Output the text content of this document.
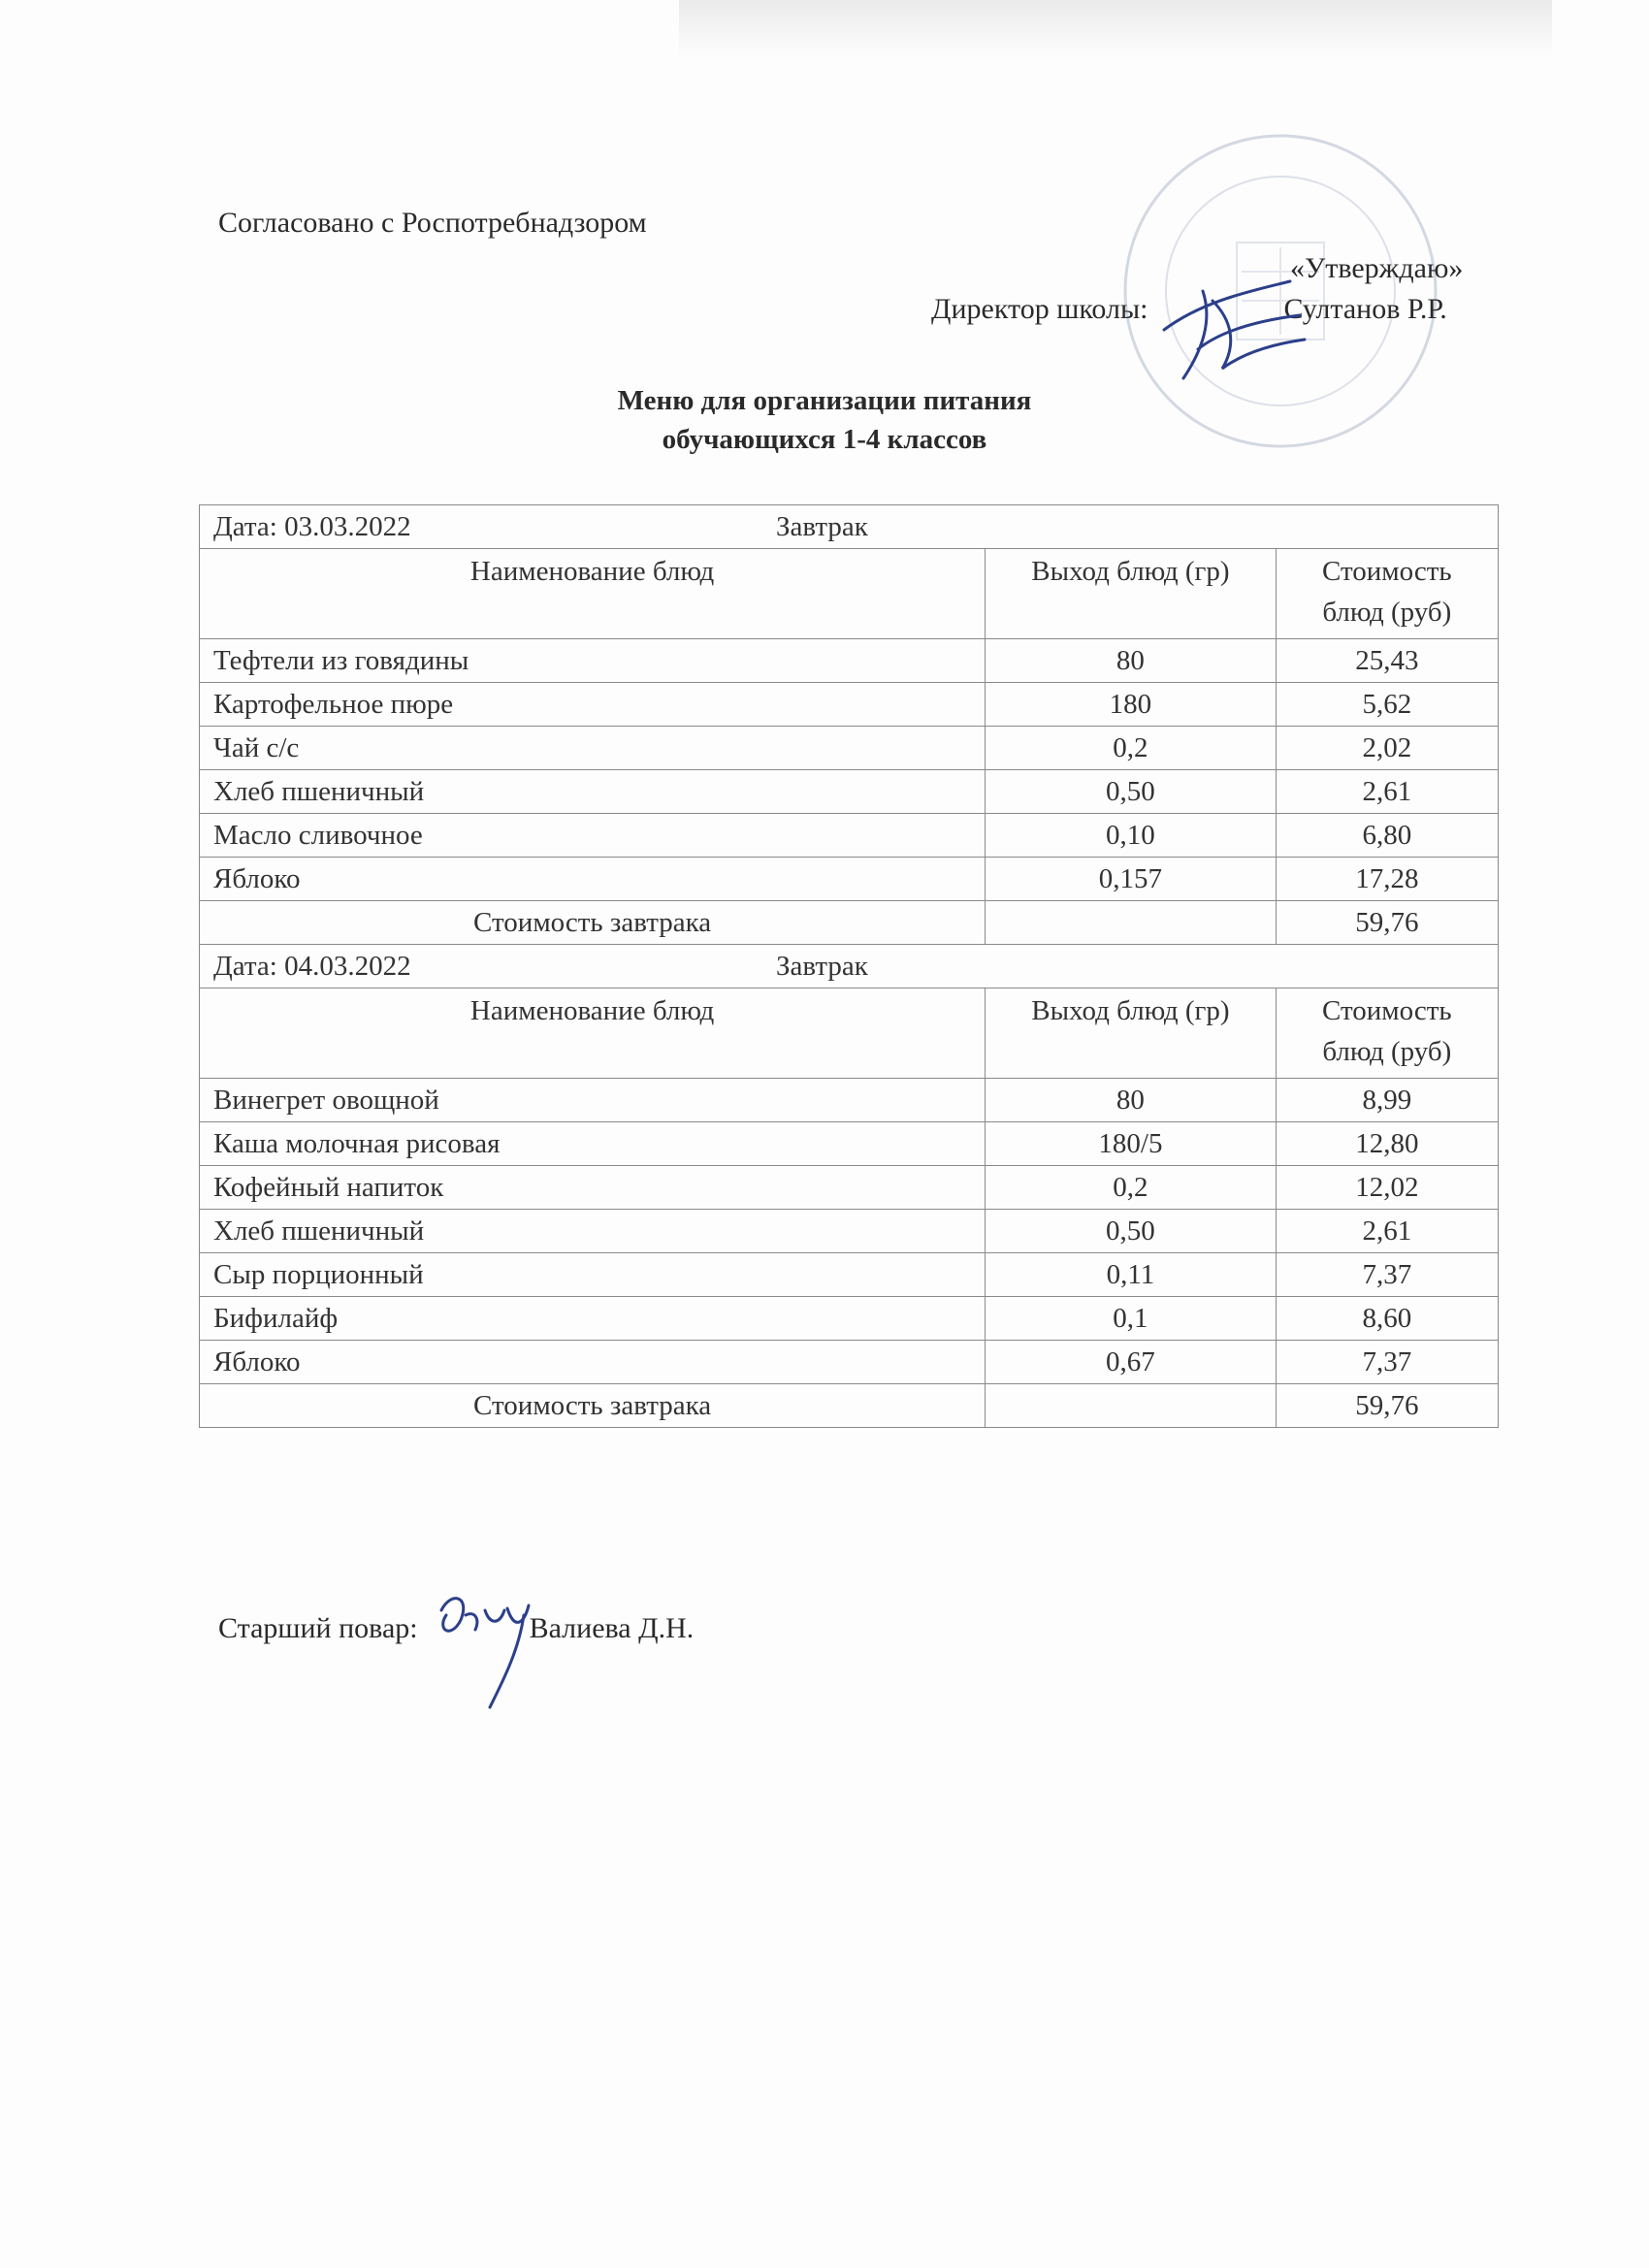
Согласовано с Роспотребнадзором
«Утверждаю»
Директор школы:	Султанов Р.Р.
Меню для организации питания
обучающихся 1-4 классов
Дата: 03.03.2022 Завтрак		
Наименование блюд	Выход блюд (гр)	Стоимость
блюд (руб)

Тефтели из говядины	80	25,43
Картофельное пюре	180	5,62
Чай с/с	0,2	2,02
Хлеб пшеничный	0,50	2,61
Масло сливочное	0,10	6,80
Яблоко	0,157	17,28
Стоимость завтрака		59,76
Дата: 04.03.2022 Завтрак		
Наименование блюд	Выход блюд (гр)	Стоимость
блюд (руб)

Винегрет овощной	80	8,99
Каша молочная рисовая	180/5	12,80
Кофейный напиток	0,2	12,02
Хлеб пшеничный	0,50	2,61
Сыр порционный	0,11	7,37
Бифилайф	0,1	8,60
Яблоко	0,67	7,37
Стоимость завтрака		59,76
Старший повар:	Валиева Д.Н.
